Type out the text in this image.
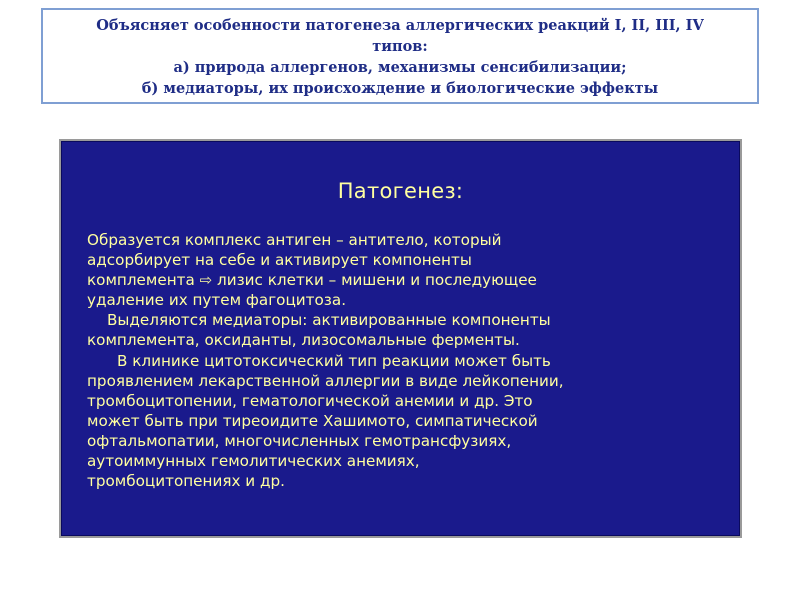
Объясняет особенности патогенеза аллергических реакций I, II, III, IV
типов:
а) природа аллергенов, механизмы сенсибилизации;
б) медиаторы, их происхождение и биологические эффекты
Патогенез:
Образуется комплекс антиген – антитело, который
адсорбирует на себе и активирует компоненты
комплемента ⇨ лизис клетки – мишени и последующее
удаление их путем фагоцитоза.
Выделяются медиаторы: активированные компоненты
комплемента, оксиданты, лизосомальные ферменты.
В клинике цитотоксический тип реакции может быть
проявлением лекарственной аллергии в виде лейкопении,
тромбоцитопении, гематологической анемии и др. Это
может быть при тиреоидите Хашимото, симпатической
офтальмопатии, многочисленных гемотрансфузиях,
аутоиммунных гемолитических анемиях,
тромбоцитопениях и др.
